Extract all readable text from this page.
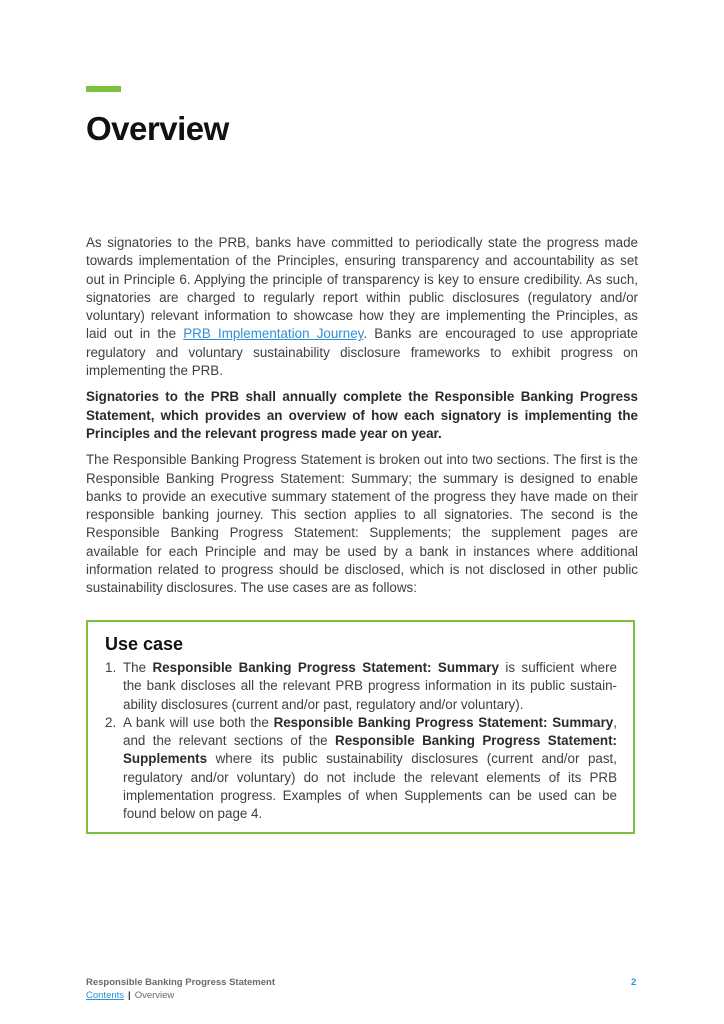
Overview

As signatories to the PRB, banks have committed to periodically state the progress made towards implementation of the Principles, ensuring transparency and accountability as set out in Principle 6. Applying the principle of transparency is key to ensure credibility. As such, signatories are charged to regularly report within public disclosures (regulatory and/or voluntary) relevant information to showcase how they are implementing the Principles, as laid out in the PRB Implementation Journey. Banks are encouraged to use appropriate regulatory and voluntary sustainability disclosure frameworks to exhibit progress on implementing the PRB.

Signatories to the PRB shall annually complete the Responsible Banking Progress Statement, which provides an overview of how each signatory is implementing the Principles and the relevant progress made year on year.

The Responsible Banking Progress Statement is broken out into two sections. The first is the Responsible Banking Progress Statement: Summary; the summary is designed to enable banks to provide an executive summary statement of the progress they have made on their responsible banking journey. This section applies to all signatories. The second is the Responsible Banking Progress Statement: Supplements; the supplement pages are available for each Principle and may be used by a bank in instances where additional information related to progress should be disclosed, which is not disclosed in other public sustainability disclosures. The use cases are as follows:

Use case
1. The Responsible Banking Progress Statement: Summary is sufficient where the bank discloses all the relevant PRB progress information in its public sustainability disclosures (current and/or past, regulatory and/or voluntary).
2. A bank will use both the Responsible Banking Progress Statement: Summary, and the relevant sections of the Responsible Banking Progress Statement: Supplements where its public sustainability disclosures (current and/or past, regulatory and/or voluntary) do not include the relevant elements of its PRB implementation progress. Examples of when Supplements can be used can be found below on page 4.
Responsible Banking Progress Statement	2
Contents | Overview
